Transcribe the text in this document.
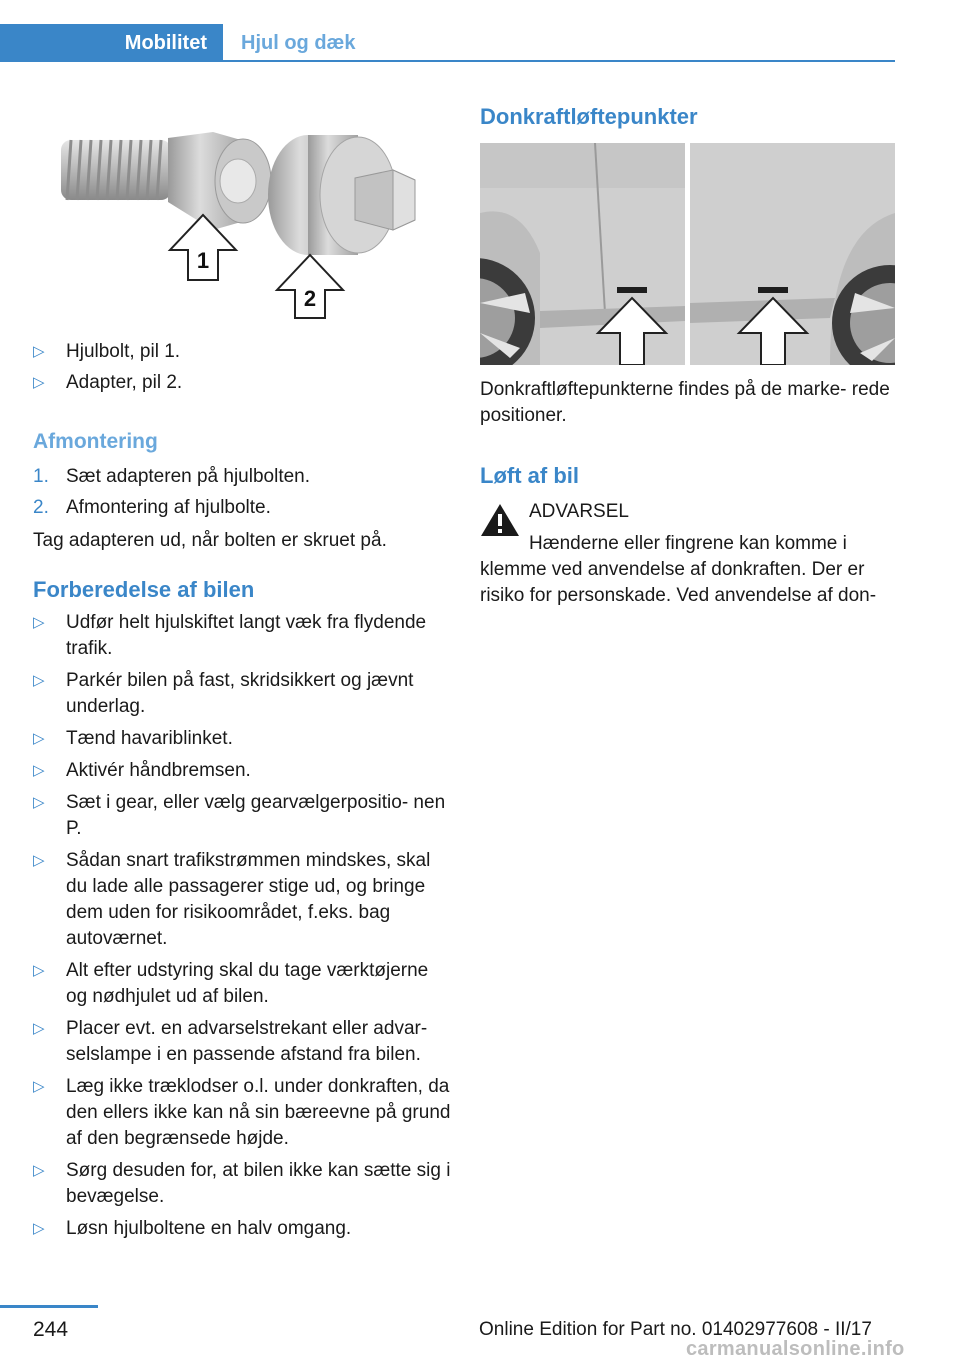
Mobilitet	Hjul og dæk
1
2
▷ Hjulbolt, pil 1.
▷ Adapter, pil 2.
Afmontering
1. Sæt adapteren på hjulbolten.
2. Afmontering af hjulbolte.
Tag adapteren ud, når bolten er skruet på.
Forberedelse af bilen
▷ Udfør helt hjulskiftet langt væk fra flydende trafik.
▷ Parkér bilen på fast, skridsikkert og jævnt underlag.
▷ Tænd havariblinket.
▷ Aktivér håndbremsen.
▷ Sæt i gear, eller vælg gearvælgerpositio‐ nen P.
▷ Sådan snart trafikstrømmen mindskes, skal du lade alle passagerer stige ud, og bringe dem uden for risikoområdet, f.eks. bag autoværnet.
▷ Alt efter udstyring skal du tage værktøjerne og nødhjulet ud af bilen.
▷ Placer evt. en advarselstrekant eller advar‐ selslampe i en passende afstand fra bilen.
▷ Læg ikke træklodser o.l. under donkraften, da den ellers ikke kan nå sin bæreevne på grund af den begrænsede højde.
▷ Sørg desuden for, at bilen ikke kan sætte sig i bevægelse.
▷ Løsn hjulboltene en halv omgang.
Donkraftløftepunkter
Donkraftløftepunkterne findes på de marke‐ rede positioner.
Løft af bil
ADVARSEL
Hænderne eller fingrene kan komme i klemme ved anvendelse af donkraften. Der er risiko for personskade. Ved anvendelse af don‐
244	Online Edition for Part no. 01402977608 - II/17
carmanualsonline.info
